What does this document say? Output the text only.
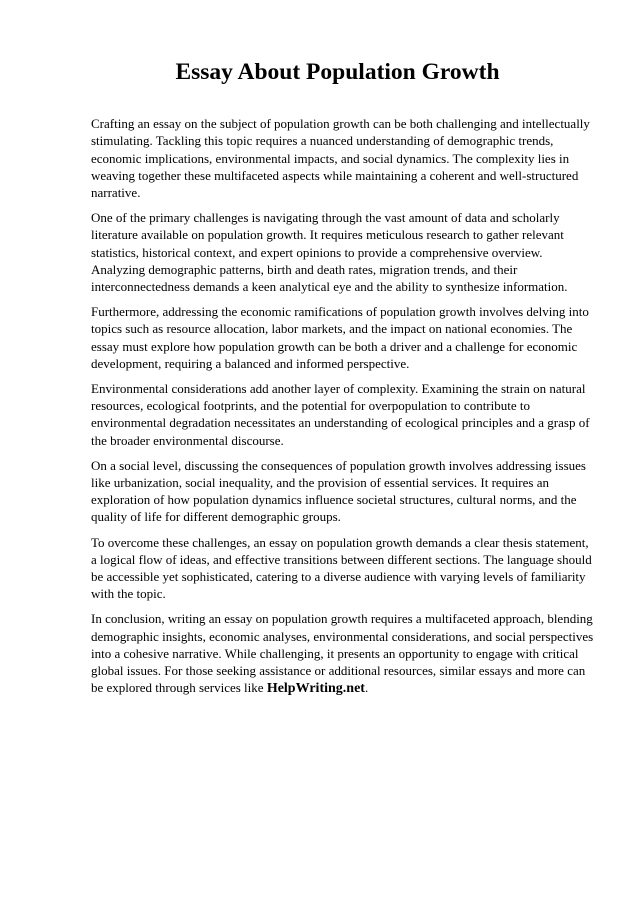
Essay About Population Growth

Crafting an essay on the subject of population growth can be both challenging and intellectually stimulating. Tackling this topic requires a nuanced understanding of demographic trends, economic implications, environmental impacts, and social dynamics. The complexity lies in weaving together these multifaceted aspects while maintaining a coherent and well-structured narrative.

One of the primary challenges is navigating through the vast amount of data and scholarly literature available on population growth. It requires meticulous research to gather relevant statistics, historical context, and expert opinions to provide a comprehensive overview. Analyzing demographic patterns, birth and death rates, migration trends, and their interconnectedness demands a keen analytical eye and the ability to synthesize information.

Furthermore, addressing the economic ramifications of population growth involves delving into topics such as resource allocation, labor markets, and the impact on national economies. The essay must explore how population growth can be both a driver and a challenge for economic development, requiring a balanced and informed perspective.

Environmental considerations add another layer of complexity. Examining the strain on natural resources, ecological footprints, and the potential for overpopulation to contribute to environmental degradation necessitates an understanding of ecological principles and a grasp of the broader environmental discourse.

On a social level, discussing the consequences of population growth involves addressing issues like urbanization, social inequality, and the provision of essential services. It requires an exploration of how population dynamics influence societal structures, cultural norms, and the quality of life for different demographic groups.

To overcome these challenges, an essay on population growth demands a clear thesis statement, a logical flow of ideas, and effective transitions between different sections. The language should be accessible yet sophisticated, catering to a diverse audience with varying levels of familiarity with the topic.

In conclusion, writing an essay on population growth requires a multifaceted approach, blending demographic insights, economic analyses, environmental considerations, and social perspectives into a cohesive narrative. While challenging, it presents an opportunity to engage with critical global issues. For those seeking assistance or additional resources, similar essays and more can be explored through services like HelpWriting.net.
